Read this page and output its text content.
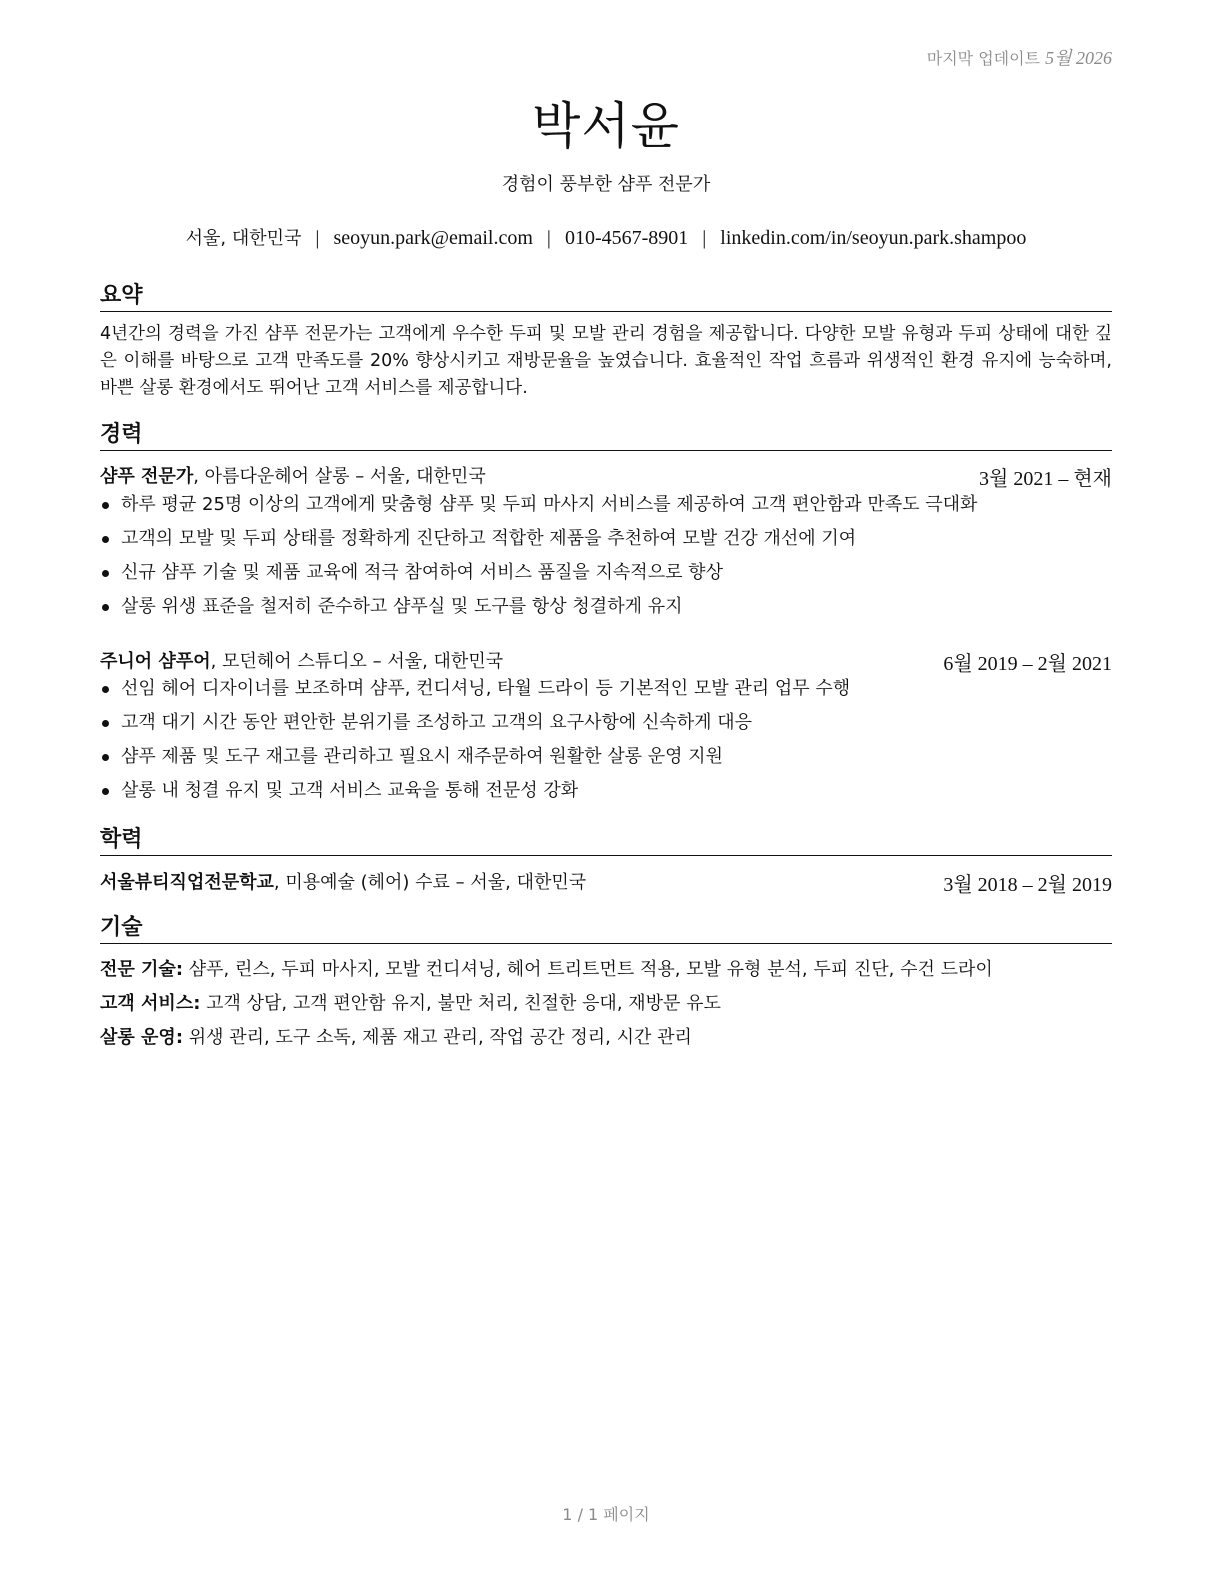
마지막 업데이트 5월 2026
박서윤
경험이 풍부한 샴푸 전문가
서울, 대한민국 | seoyun.park@email.com | 010-4567-8901 | linkedin.com/in/seoyun.park.shampoo
요약
4년간의 경력을 가진 샴푸 전문가는 고객에게 우수한 두피 및 모발 관리 경험을 제공합니다. 다양한 모발 유형과 두피 상태에 대한 깊은 이해를 바탕으로 고객 만족도를 20% 향상시키고 재방문율을 높였습니다. 효율적인 작업 흐름과 위생적인 환경 유지에 능숙하며, 바쁜 살롱 환경에서도 뛰어난 고객 서비스를 제공합니다.
경력
샴푸 전문가, 아름다운헤어 살롱 – 서울, 대한민국	3월 2021 – 현재
하루 평균 25명 이상의 고객에게 맞춤형 샴푸 및 두피 마사지 서비스를 제공하여 고객 편안함과 만족도 극대화
고객의 모발 및 두피 상태를 정확하게 진단하고 적합한 제품을 추천하여 모발 건강 개선에 기여
신규 샴푸 기술 및 제품 교육에 적극 참여하여 서비스 품질을 지속적으로 향상
살롱 위생 표준을 철저히 준수하고 샴푸실 및 도구를 항상 청결하게 유지
주니어 샴푸어, 모던헤어 스튜디오 – 서울, 대한민국	6월 2019 – 2월 2021
선임 헤어 디자이너를 보조하며 샴푸, 컨디셔닝, 타월 드라이 등 기본적인 모발 관리 업무 수행
고객 대기 시간 동안 편안한 분위기를 조성하고 고객의 요구사항에 신속하게 대응
샴푸 제품 및 도구 재고를 관리하고 필요시 재주문하여 원활한 살롱 운영 지원
살롱 내 청결 유지 및 고객 서비스 교육을 통해 전문성 강화
학력
서울뷰티직업전문학교, 미용예술 (헤어) 수료 – 서울, 대한민국	3월 2018 – 2월 2019
기술
전문 기술: 샴푸, 린스, 두피 마사지, 모발 컨디셔닝, 헤어 트리트먼트 적용, 모발 유형 분석, 두피 진단, 수건 드라이
고객 서비스: 고객 상담, 고객 편안함 유지, 불만 처리, 친절한 응대, 재방문 유도
살롱 운영: 위생 관리, 도구 소독, 제품 재고 관리, 작업 공간 정리, 시간 관리
1 / 1 페이지
